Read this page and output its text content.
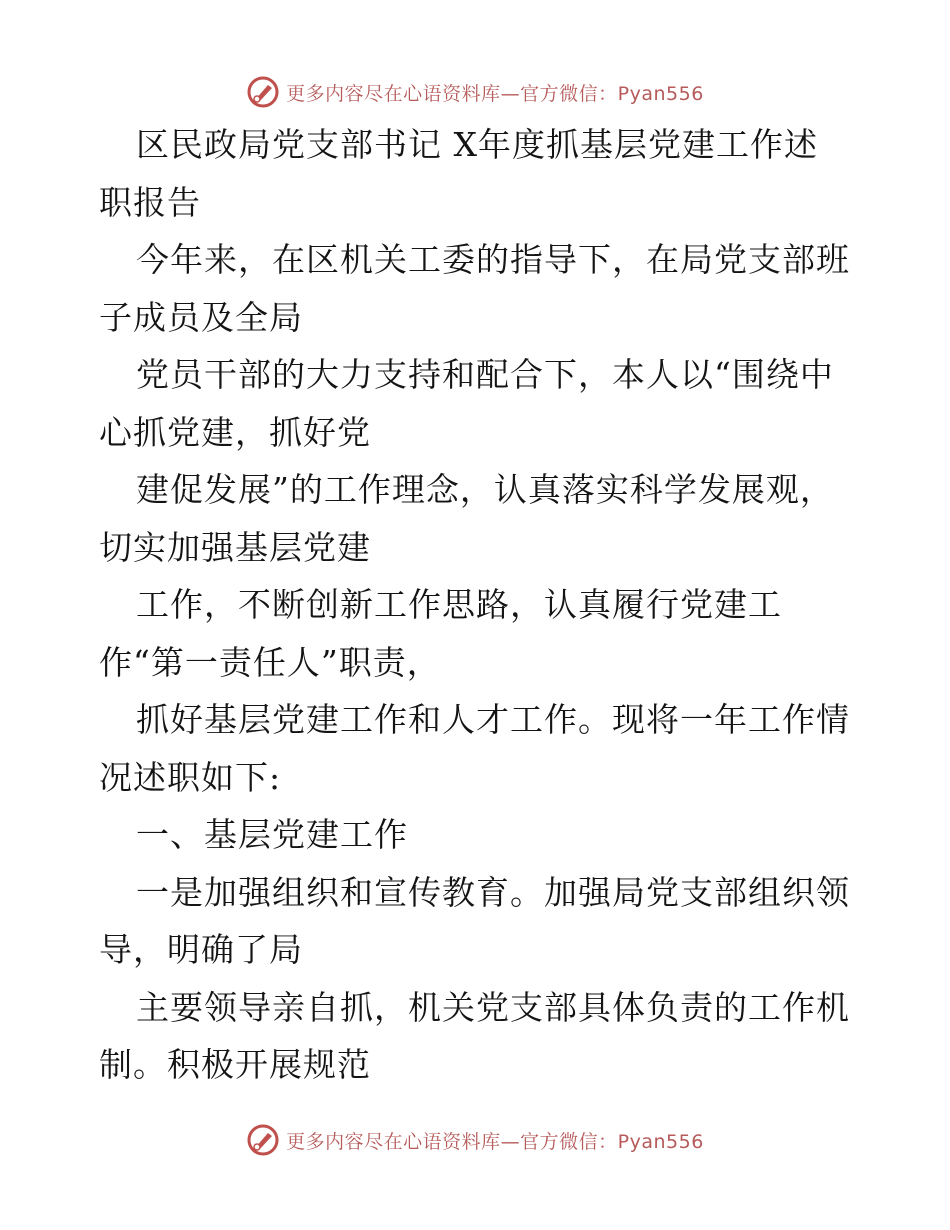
更多内容尽在心语资料库—官方微信：Pyan556
区民政局党支部书记 X年度抓基层党建工作述
职报告
今年来，在区机关工委的指导下，在局党支部班
子成员及全局
党员干部的大力支持和配合下，本人以“围绕中
心抓党建，抓好党
建促发展”的工作理念，认真落实科学发展观，
切实加强基层党建
工作，不断创新工作思路，认真履行党建工
作“第一责任人”职责，
抓好基层党建工作和人才工作。现将一年工作情
况述职如下:
一、基层党建工作
一是加强组织和宣传教育。加强局党支部组织领
导，明确了局
主要领导亲自抓，机关党支部具体负责的工作机
制。积极开展规范
更多内容尽在心语资料库—官方微信：Pyan556
